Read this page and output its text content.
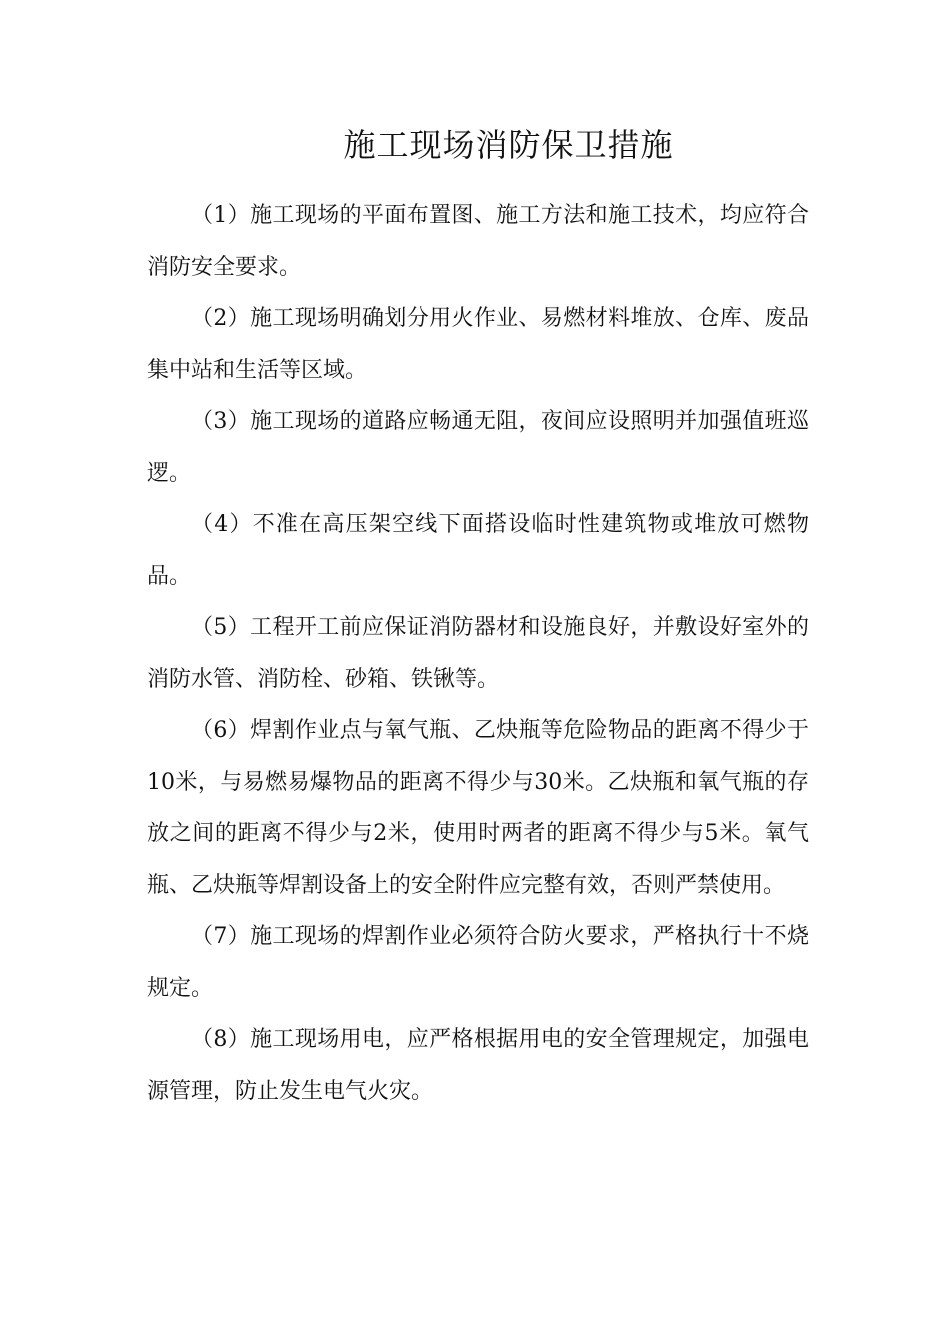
施工现场消防保卫措施

（1）施工现场的平面布置图、施工方法和施工技术，均应符合消防安全要求。

（2）施工现场明确划分用火作业、易燃材料堆放、仓库、废品集中站和生活等区域。

（3）施工现场的道路应畅通无阻，夜间应设照明并加强值班巡逻。

（4）不准在高压架空线下面搭设临时性建筑物或堆放可燃物品。

（5）工程开工前应保证消防器材和设施良好，并敷设好室外的消防水管、消防栓、砂箱、铁锹等。

（6）焊割作业点与氧气瓶、乙炔瓶等危险物品的距离不得少于10米，与易燃易爆物品的距离不得少与30米。乙炔瓶和氧气瓶的存放之间的距离不得少与2米，使用时两者的距离不得少与5米。氧气瓶、乙炔瓶等焊割设备上的安全附件应完整有效，否则严禁使用。

（7）施工现场的焊割作业必须符合防火要求，严格执行十不烧规定。

（8）施工现场用电，应严格根据用电的安全管理规定，加强电源管理，防止发生电气火灾。
